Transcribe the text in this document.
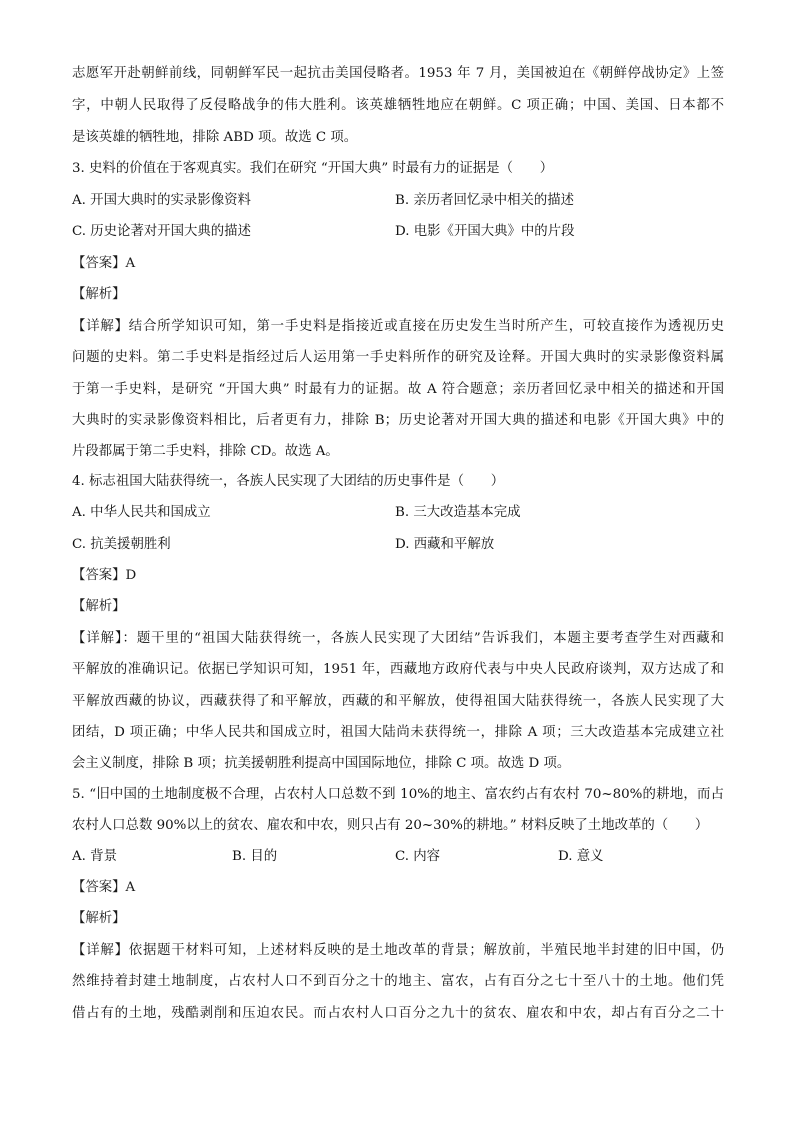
志愿军开赴朝鲜前线，同朝鲜军民一起抗击美国侵略者。1953 年 7 月，美国被迫在《朝鲜停战协定》上签
字，中朝人民取得了反侵略战争的伟大胜利。该英雄牺牲地应在朝鲜。C 项正确；中国、美国、日本都不
是该英雄的牺牲地，排除 ABD 项。故选 C 项。
3. 史料的价值在于客观真实。我们在研究 “开国大典” 时最有力的证据是（　　）
A. 开国大典时的实录影像资料	B. 亲历者回忆录中相关的描述
C. 历史论著对开国大典的描述	D. 电影《开国大典》中的片段
【答案】A
【解析】
【详解】结合所学知识可知，第一手史料是指接近或直接在历史发生当时所产生，可较直接作为透视历史
问题的史料。第二手史料是指经过后人运用第一手史料所作的研究及诠释。开国大典时的实录影像资料属
于第一手史料，是研究 “开国大典” 时最有力的证据。故 A 符合题意；亲历者回忆录中相关的描述和开国
大典时的实录影像资料相比，后者更有力，排除 B；历史论著对开国大典的描述和电影《开国大典》中的
片段都属于第二手史料，排除 CD。故选 A。
4. 标志祖国大陆获得统一，各族人民实现了大团结的历史事件是（　　）
A. 中华人民共和国成立	B. 三大改造基本完成
C. 抗美援朝胜利	D. 西藏和平解放
【答案】D
【解析】
【详解】：题干里的“祖国大陆获得统一，各族人民实现了大团结”告诉我们，本题主要考查学生对西藏和
平解放的准确识记。依据已学知识可知，1951 年，西藏地方政府代表与中央人民政府谈判，双方达成了和
平解放西藏的协议，西藏获得了和平解放，西藏的和平解放，使得祖国大陆获得统一，各族人民实现了大
团结，D 项正确；中华人民共和国成立时，祖国大陆尚未获得统一，排除 A 项；三大改造基本完成建立社
会主义制度，排除 B 项；抗美援朝胜利提高中国国际地位，排除 C 项。故选 D 项。
5. “旧中国的土地制度极不合理，占农村人口总数不到 10%的地主、富农约占有农村 70~80%的耕地，而占
农村人口总数 90%以上的贫农、雇农和中农，则只占有 20~30%的耕地。” 材料反映了土地改革的（　　）
A. 背景	B. 目的	C. 内容	D. 意义
【答案】A
【解析】
【详解】依据题干材料可知，上述材料反映的是土地改革的背景；解放前，半殖民地半封建的旧中国，仍
然维持着封建土地制度，占农村人口不到百分之十的地主、富农，占有百分之七十至八十的土地。他们凭
借占有的土地，残酷剥削和压迫农民。而占农村人口百分之九十的贫农、雇农和中农，却占有百分之二十
